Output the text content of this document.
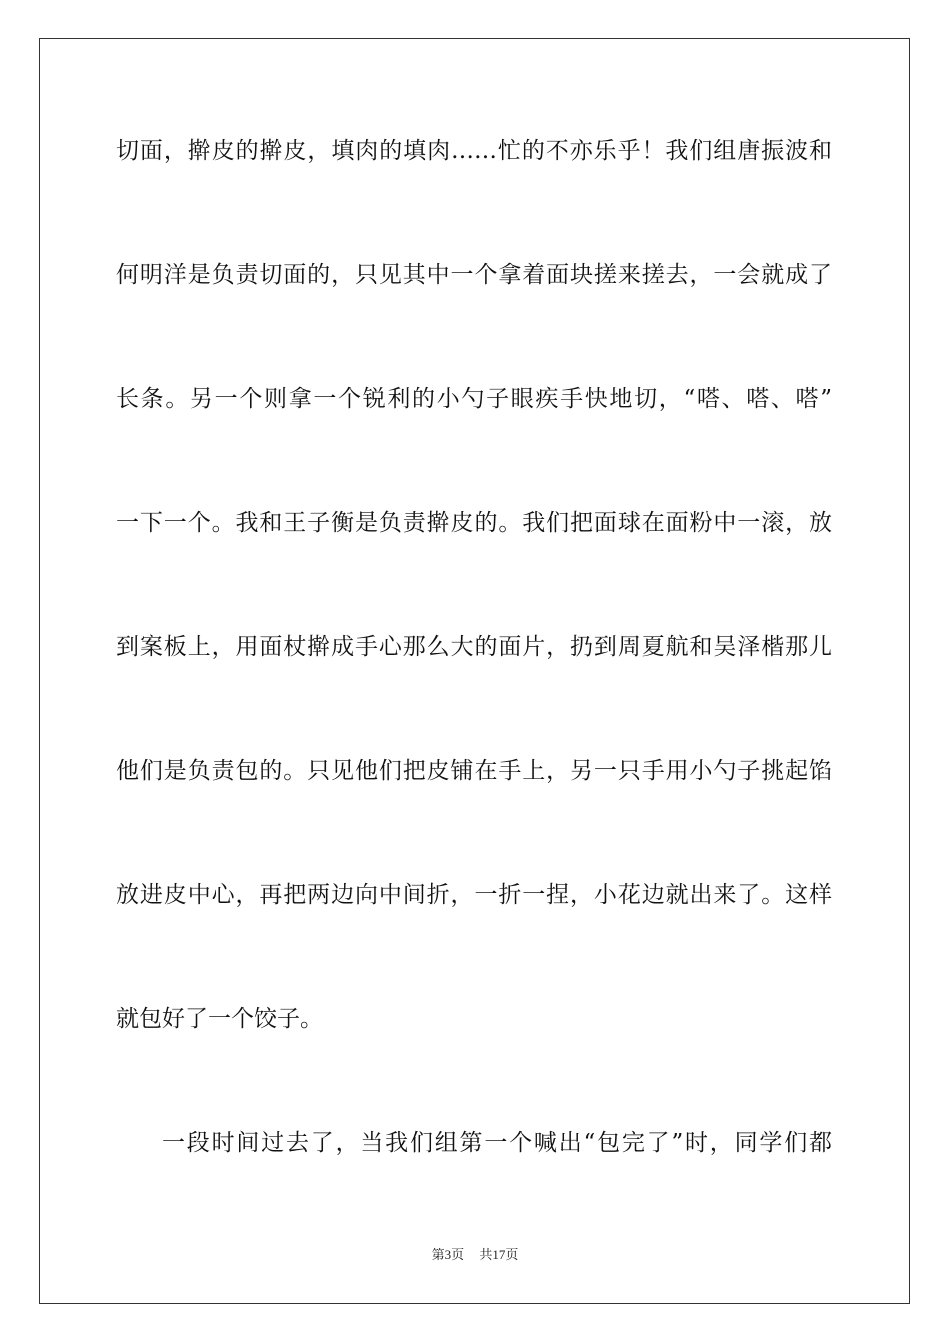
切面，擀皮的擀皮，填肉的填肉……忙的不亦乐乎！我们组唐振波和
何明洋是负责切面的，只见其中一个拿着面块搓来搓去，一会就成了
长条。另一个则拿一个锐利的小勺子眼疾手快地切，“嗒、嗒、嗒”
一下一个。我和王子衡是负责擀皮的。我们把面球在面粉中一滚，放
到案板上，用面杖擀成手心那么大的面片，扔到周夏航和吴泽楷那儿
他们是负责包的。只见他们把皮铺在手上，另一只手用小勺子挑起馅
放进皮中心，再把两边向中间折，一折一捏，小花边就出来了。这样
就包好了一个饺子。
一段时间过去了，当我们组第一个喊出“包完了”时，同学们都
第3页 共17页
